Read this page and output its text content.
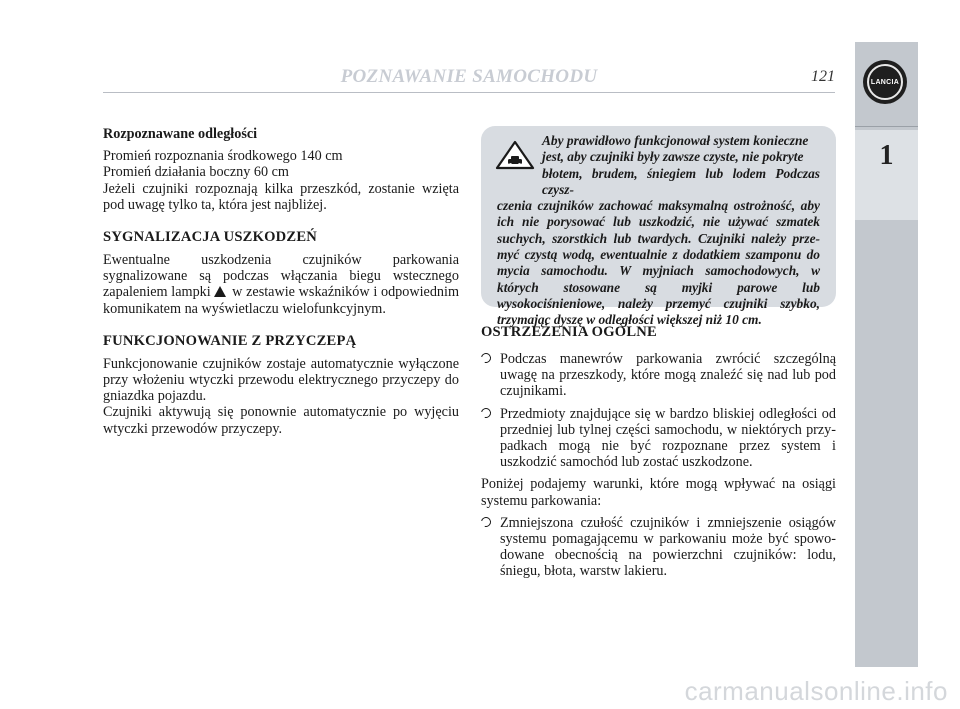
POZNAWANIE SAMOCHODU	121	LANCIA
1
Rozpoznawane odległości

Promień rozpoznania środkowego 140 cm

Promień działania boczny 60 cm

Jeżeli czujniki rozpoznają kilka przeszkód, zostanie wzięta pod uwagę tylko ta, która jest najbliżej.

SYGNALIZACJA USZKODZEŃ

Ewentualne uszkodzenia czujników parkowania sygnalizowane są podczas włączania biegu wstecznego zapaleniem lampki w zestawie wskaźników i odpowiednim komunikatem na wyświetlaczu wielofunkcyjnym.

FUNKCJONOWANIE Z PRZYCZEPĄ

Funkcjonowanie czujników zostaje automatycznie wyłączone przy włożeniu wtyczki przewodu elektrycznego przyczepy do gniazdka pojazdu.

Czujniki aktywują się ponownie automatycznie po wyjęciu wtyczki przewodów przyczepy.

Aby prawidłowo funkcjonował system konieczne
jest, aby czujniki były zawsze czyste, nie pokryte
błotem, brudem, śniegiem lub lodem Podczas czysz-
czenia czujników zachować maksymalną ostrożność, aby ich nie porysować lub uszkodzić, nie używać szmatek suchych, szorstkich lub twardych. Czujniki należy prze- myć czystą wodą, ewentualnie z dodatkiem szamponu do mycia samochodu. W myjniach samochodowych, w których stosowane są myjki parowe lub wysokociśnieniowe, należy przemyć czujniki szybko, trzymając dyszę w odległości większej niż 10 cm.
OSTRZEŻENIA OGÓLNE
Podczas manewrów parkowania zwrócić szczególną uwagę na przeszkody, które mogą znaleźć się nad lub pod czujnikami.
Przedmioty znajdujące się w bardzo bliskiej odległości od przedniej lub tylnej części samochodu, w niektórych przy- padkach mogą nie być rozpoznane przez system i uszkodzić samochód lub zostać uszkodzone.

Poniżej podajemy warunki, które mogą wpływać na osiągi systemu parkowania:

Zmniejszona czułość czujników i zmniejszenie osiągów systemu pomagającemu w parkowaniu może być spowo- dowane obecnością na powierzchni czujników: lodu, śniegu, błota, warstw lakieru.
carmanualsonline.info
